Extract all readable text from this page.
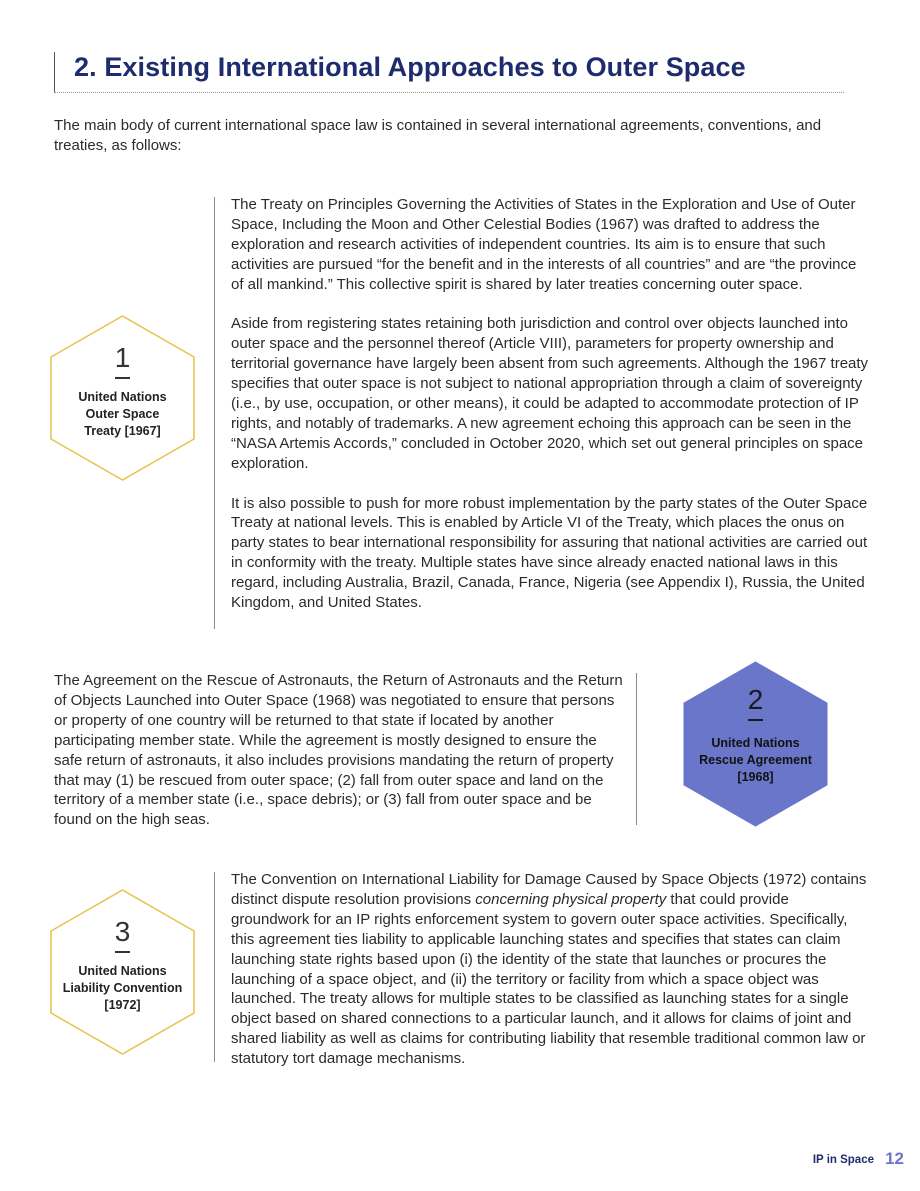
2. Existing International Approaches to Outer Space

The main body of current international space law is contained in several international agreements, conventions, and treaties, as follows:

The Treaty on Principles Governing the Activities of States in the Exploration and Use of Outer Space, Including the Moon and Other Celestial Bodies (1967) was drafted to address the exploration and research activities of independent countries. Its aim is to ensure that such activities are pursued “for the benefit and in the interests of all countries” and are “the province of all mankind.” This collective spirit is shared by later treaties concerning outer space.

Aside from registering states retaining both jurisdiction and control over objects launched into outer space and the personnel thereof (Article VIII), parameters for property ownership and territorial governance have largely been absent from such agreements. Although the 1967 treaty specifies that outer space is not subject to national appropriation through a claim of sovereignty (i.e., by use, occupation, or other means), it could be adapted to accommodate protection of IP rights, and notably of trademarks. A new agreement echoing this approach can be seen in the “NASA Artemis Accords,” concluded in October 2020, which set out general principles on space exploration.

It is also possible to push for more robust implementation by the party states of the Outer Space Treaty at national levels. This is enabled by Article VI of the Treaty, which places the onus on party states to bear international responsibility for assuring that national activities are carried out in conformity with the treaty. Multiple states have since already enacted national laws in this regard, including Australia, Brazil, Canada, France, Nigeria (see Appendix I), Russia, the United Kingdom, and United States.

1
United Nations Outer Space Treaty [1967]

The Agreement on the Rescue of Astronauts, the Return of Astronauts and the Return of Objects Launched into Outer Space (1968) was negotiated to ensure that persons or property of one country will be returned to that state if located by another participating member state. While the agreement is mostly designed to ensure the safe return of astronauts, it also includes provisions mandating the return of property that may (1) be rescued from outer space; (2) fall from outer space and land on the territory of a member state (i.e., space debris); or (3) fall from outer space and be found on the high seas.

2
United Nations Rescue Agreement [1968]

The Convention on International Liability for Damage Caused by Space Objects (1972) contains distinct dispute resolution provisions concerning physical property that could provide groundwork for an IP rights enforcement system to govern outer space activities. Specifically, this agreement ties liability to applicable launching states and specifies that states can claim launching state rights based upon (i) the identity of the state that launches or procures the launching of a space object, and (ii) the territory or facility from which a space object was launched. The treaty allows for multiple states to be classified as launching states for a single object based on shared connections to a particular launch, and it allows for claims of joint and shared liability as well as claims for contributing liability that resemble traditional common law or statutory tort damage mechanisms.

3
United Nations Liability Convention [1972]
IP in Space 12
